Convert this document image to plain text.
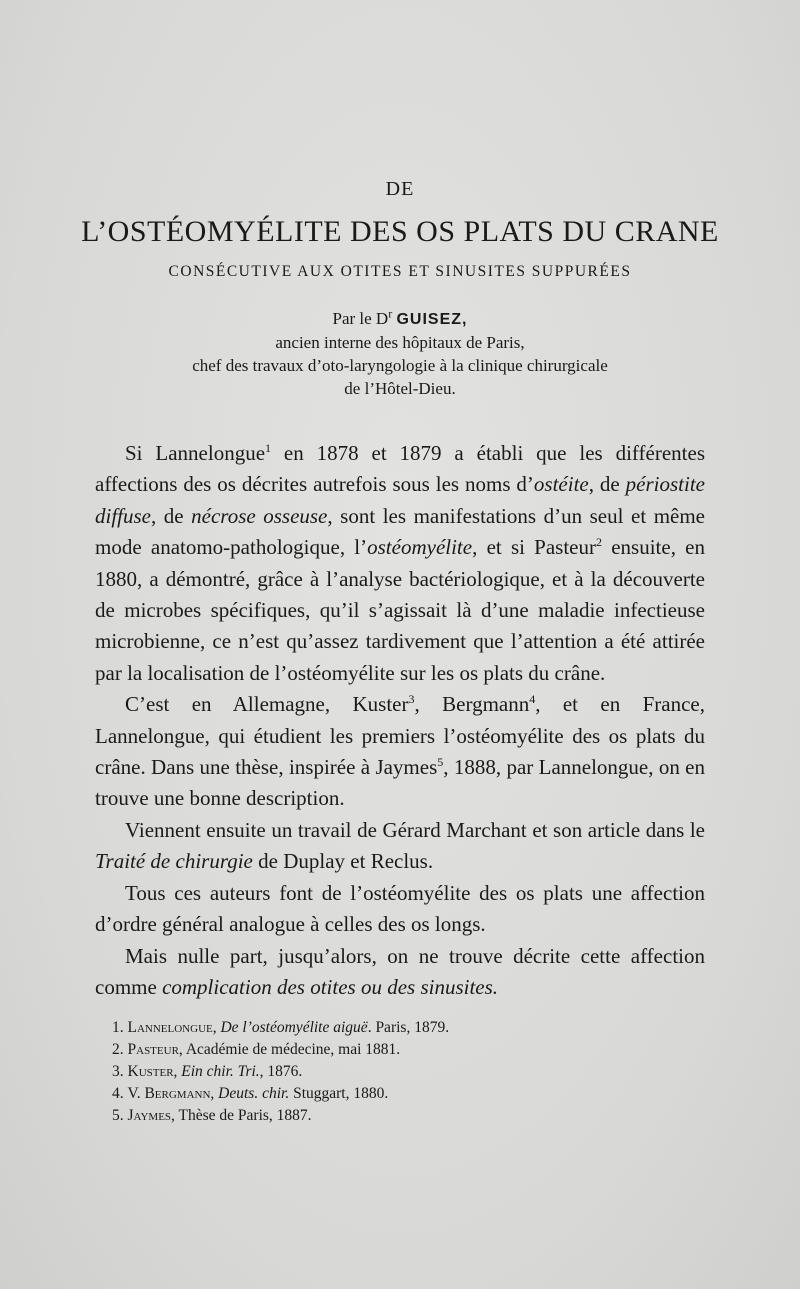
DE
L’OSTÉOMYÉLITE DES OS PLATS DU CRANE
CONSÉCUTIVE AUX OTITES ET SINUSITES SUPPURÉES
Par le $D^r$ GUISEZ,
ancien interne des hôpitaux de Paris,
chef des travaux d’oto-laryngologie à la clinique chirurgicale
de l’Hôtel-Dieu.

Si Lannelongue$^1$ en 1878 et 1879 a établi que les différentes affections des os décrites autrefois sous les noms d’ostéite, de périostite diffuse, de nécrose osseuse, sont les manifestations d’un seul et même mode anatomo-pathologique, l’ostéomyélite, et si Pasteur$^2$ ensuite, en 1880, a démontré, grâce à l’analyse bactériologique, et à la découverte de microbes spécifiques, qu’il s’agissait là d’une maladie infectieuse microbienne, ce n’est qu’assez tardivement que l’attention a été attirée par la localisation de l’ostéomyélite sur les os plats du crâne.

C’est en Allemagne, Kuster$^3$, Bergmann$^4$, et en France, Lannelongue, qui étudient les premiers l’ostéomyélite des os plats du crâne. Dans une thèse, inspirée à Jaymes$^5$, 1888, par Lannelongue, on en trouve une bonne description.

Viennent ensuite un travail de Gérard Marchant et son article dans le Traité de chirurgie de Duplay et Reclus.

Tous ces auteurs font de l’ostéomyélite des os plats une affection d’ordre général analogue à celles des os longs.

Mais nulle part, jusqu’alors, on ne trouve décrite cette affection comme complication des otites ou des sinusites.

1. Lannelongue, De l’ostéomyélite aiguë. Paris, 1879.
2. Pasteur, Académie de médecine, mai 1881.
3. Kuster, Ein chir. Tri., 1876.
4. V. Bergmann, Deuts. chir. Stuggart, 1880.
5. Jaymes, Thèse de Paris, 1887.
